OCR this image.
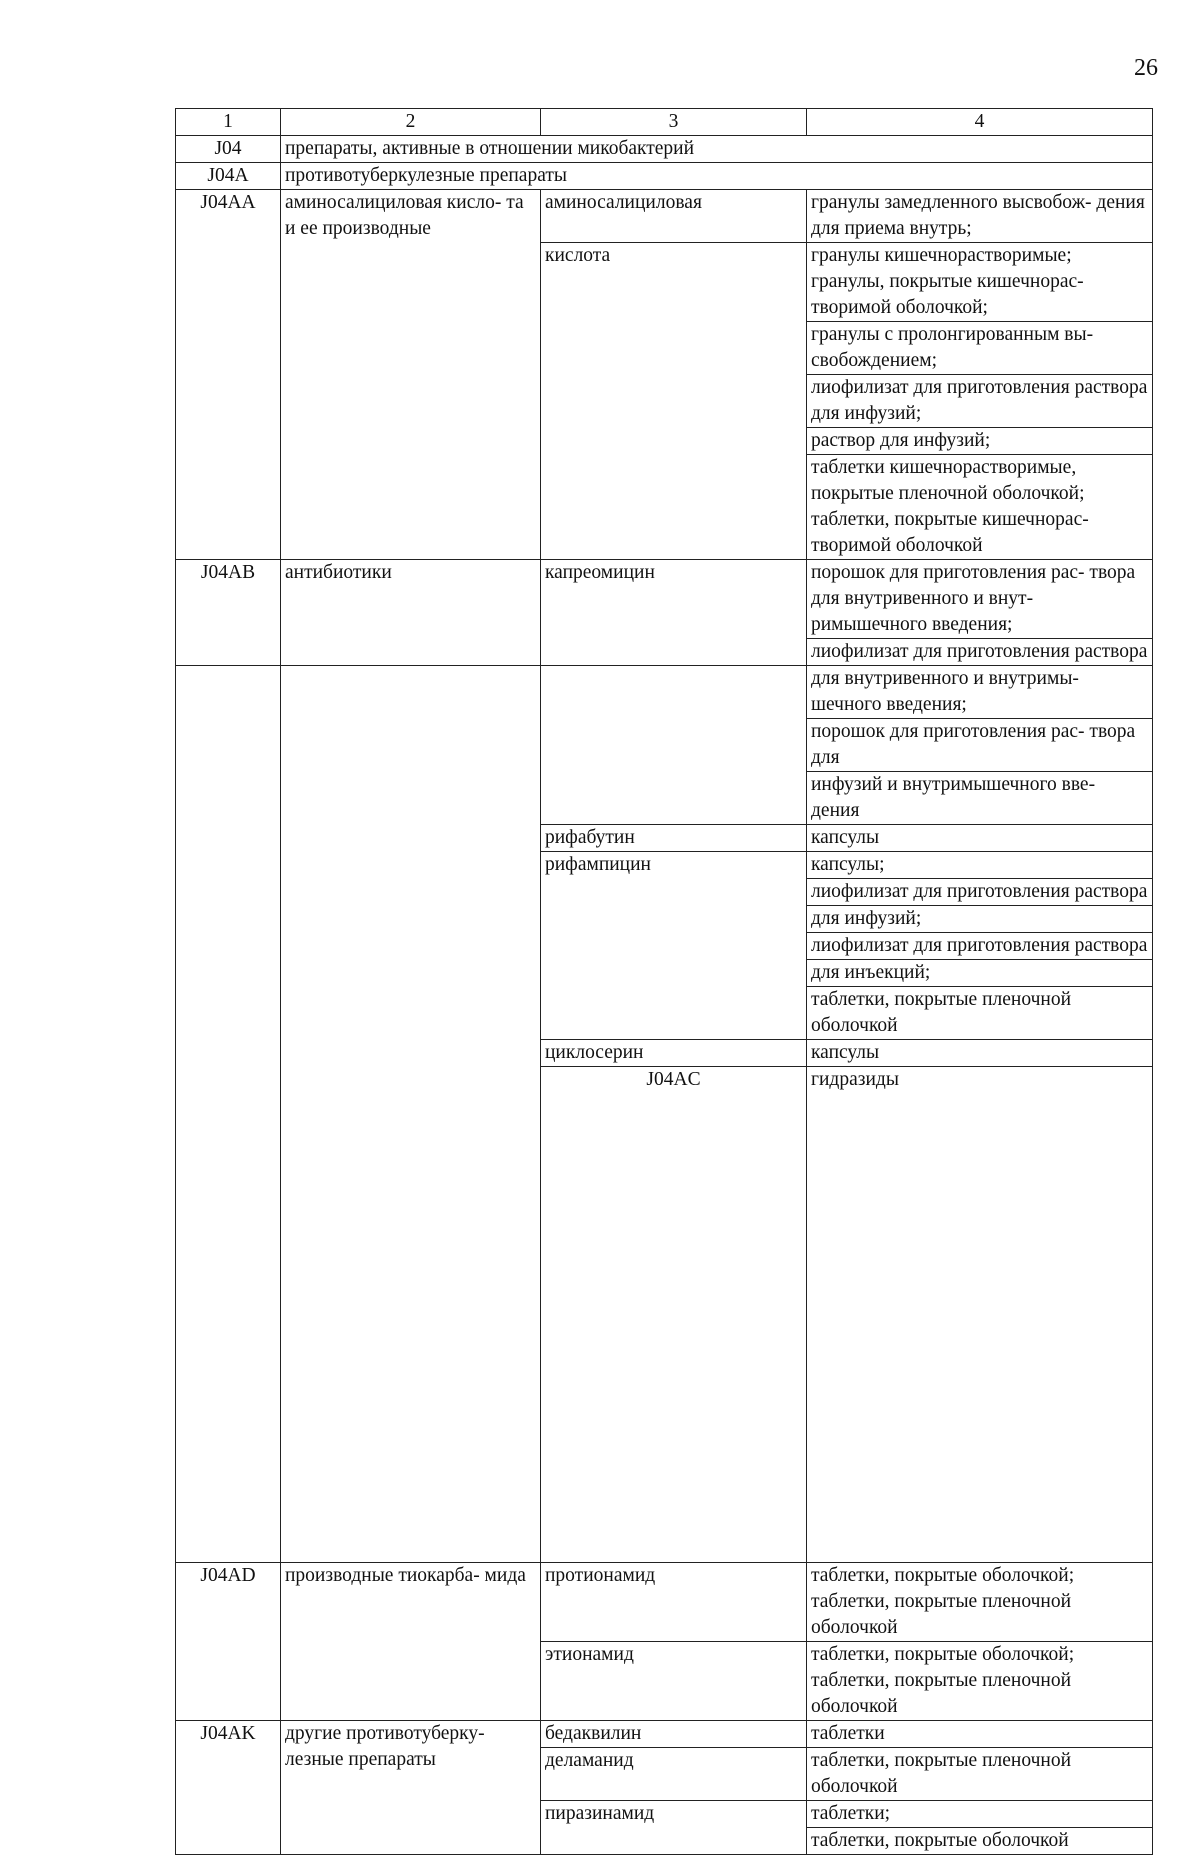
26
1	2	3	4	
J04	препараты, активные в отношении микобактерий			
J04A	противотуберкулезные препараты			
J04AA	аминосалициловая кисло- та и ее производные	аминосалициловая	гранулы замедленного высвобож- дения для приема внутрь;	
		кислота	гранулы кишечнорастворимые; гранулы, покрытые кишечнорас- творимой оболочкой;	
			гранулы с пролонгированным вы- свобождением;	
			лиофилизат для приготовления раствора для инфузий;	
			раствор для инфузий;	
			таблетки кишечнорастворимые, покрытые пленочной оболочкой; таблетки, покрытые кишечнорас- творимой оболочкой	
J04AB	антибиотики	капреомицин	порошок для приготовления рас- твора для внутривенного и внут- римышечного введения;	
			лиофилизат для приготовления раствора	
			для внутривенного и внутримы- шечного введения;	
			порошок для приготовления рас- твора для	
			инфузий и внутримышечного вве- дения	
		рифабутин	капсулы	
		рифампицин	капсулы;	
			лиофилизат для приготовления раствора	
			для инфузий;	
			лиофилизат для приготовления раствора	
			для инъекций;	
			таблетки, покрытые пленочной оболочкой	
		циклосерин	капсулы	
		J04AC	гидразиды		

J04AD	производные тиокарба- мида	протионамид	таблетки, покрытые оболочкой; таблетки, покрытые пленочной оболочкой	
		этионамид	таблетки, покрытые оболочкой; таблетки, покрытые пленочной оболочкой	
J04AK	другие противотуберку- лезные препараты	бедаквилин	таблетки	
		деламанид	таблетки, покрытые пленочной оболочкой	
		пиразинамид	таблетки;	
			таблетки, покрытые оболочкой	
